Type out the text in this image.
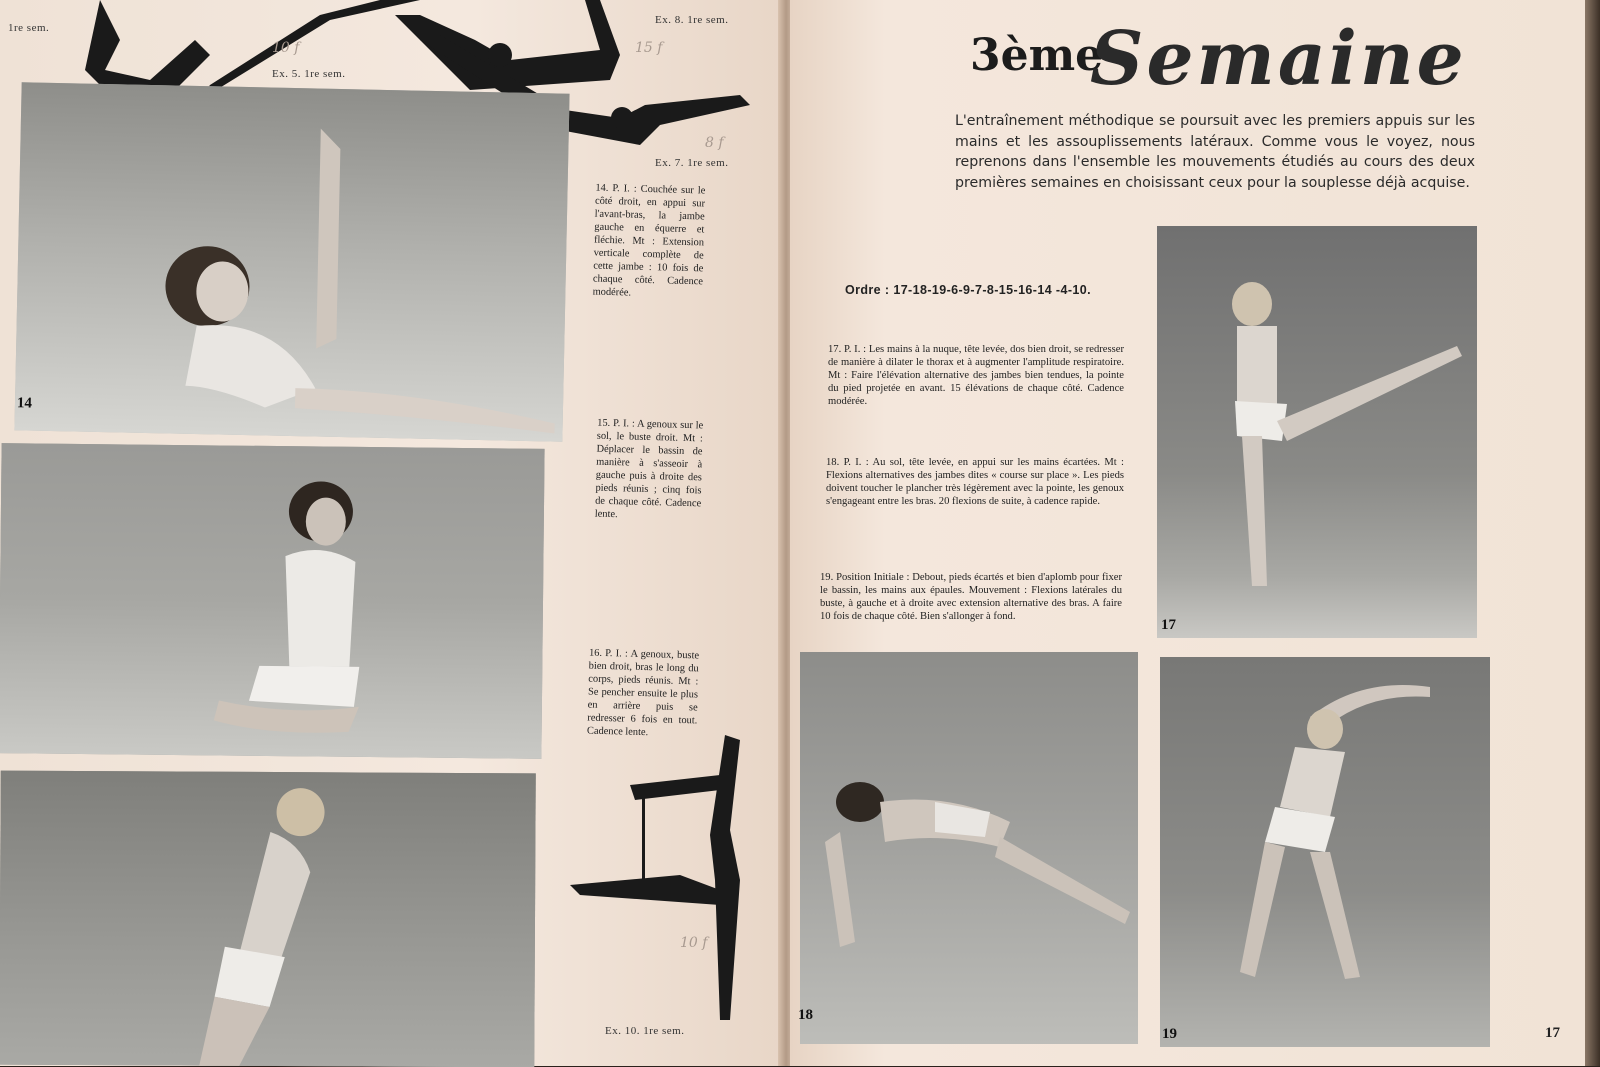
1re sem.
Ex. 5. 1re sem.
Ex. 8. 1re sem.
Ex. 7. 1re sem.
Ex. 10. 1re sem.
10 f	15 f
8 f
10 f
14
14. P. I. : Couchée sur le côté droit, en appui sur l'avant-bras, la jambe gauche en équerre et fléchie. Mt : Extension verticale complète de cette jambe : 10 fois de chaque côté. Cadence modérée.
15. P. I. : A genoux sur le sol, le buste droit. Mt : Déplacer le bassin de manière à s'asseoir à gauche puis à droite des pieds réunis ; cinq fois de chaque côté. Cadence lente.
16. P. I. : A genoux, buste bien droit, bras le long du corps, pieds réunis. Mt : Se pencher ensuite le plus en arrière puis se redresser 6 fois en tout. Cadence lente.
3ème
Semaine
L'entraînement méthodique se poursuit avec les premiers appuis sur les mains et les assouplissements latéraux. Comme vous le voyez, nous reprenons dans l'ensemble les mouvements étudiés au cours des deux premières semaines en choisissant ceux pour la souplesse déjà acquise.
Ordre : 17-18-19-6-9-7-8-15-16-14 -4-10.
17. P. I. : Les mains à la nuque, tête levée, dos bien droit, se redresser de manière à dilater le thorax et à augmenter l'amplitude respiratoire. Mt : Faire l'élévation alternative des jambes bien tendues, la pointe du pied projetée en avant. 15 élévations de chaque côté. Cadence modérée.
18. P. I. : Au sol, tête levée, en appui sur les mains écartées. Mt : Flexions alternatives des jambes dites « course sur place ». Les pieds doivent toucher le plancher très légèrement avec la pointe, les genoux s'engageant entre les bras. 20 flexions de suite, à cadence rapide.
19. Position Initiale : Debout, pieds écartés et bien d'aplomb pour fixer le bassin, les mains aux épaules. Mouvement : Flexions latérales du buste, à gauche et à droite avec extension alternative des bras. A faire 10 fois de chaque côté. Bien s'allonger à fond.
17
18
19	17
